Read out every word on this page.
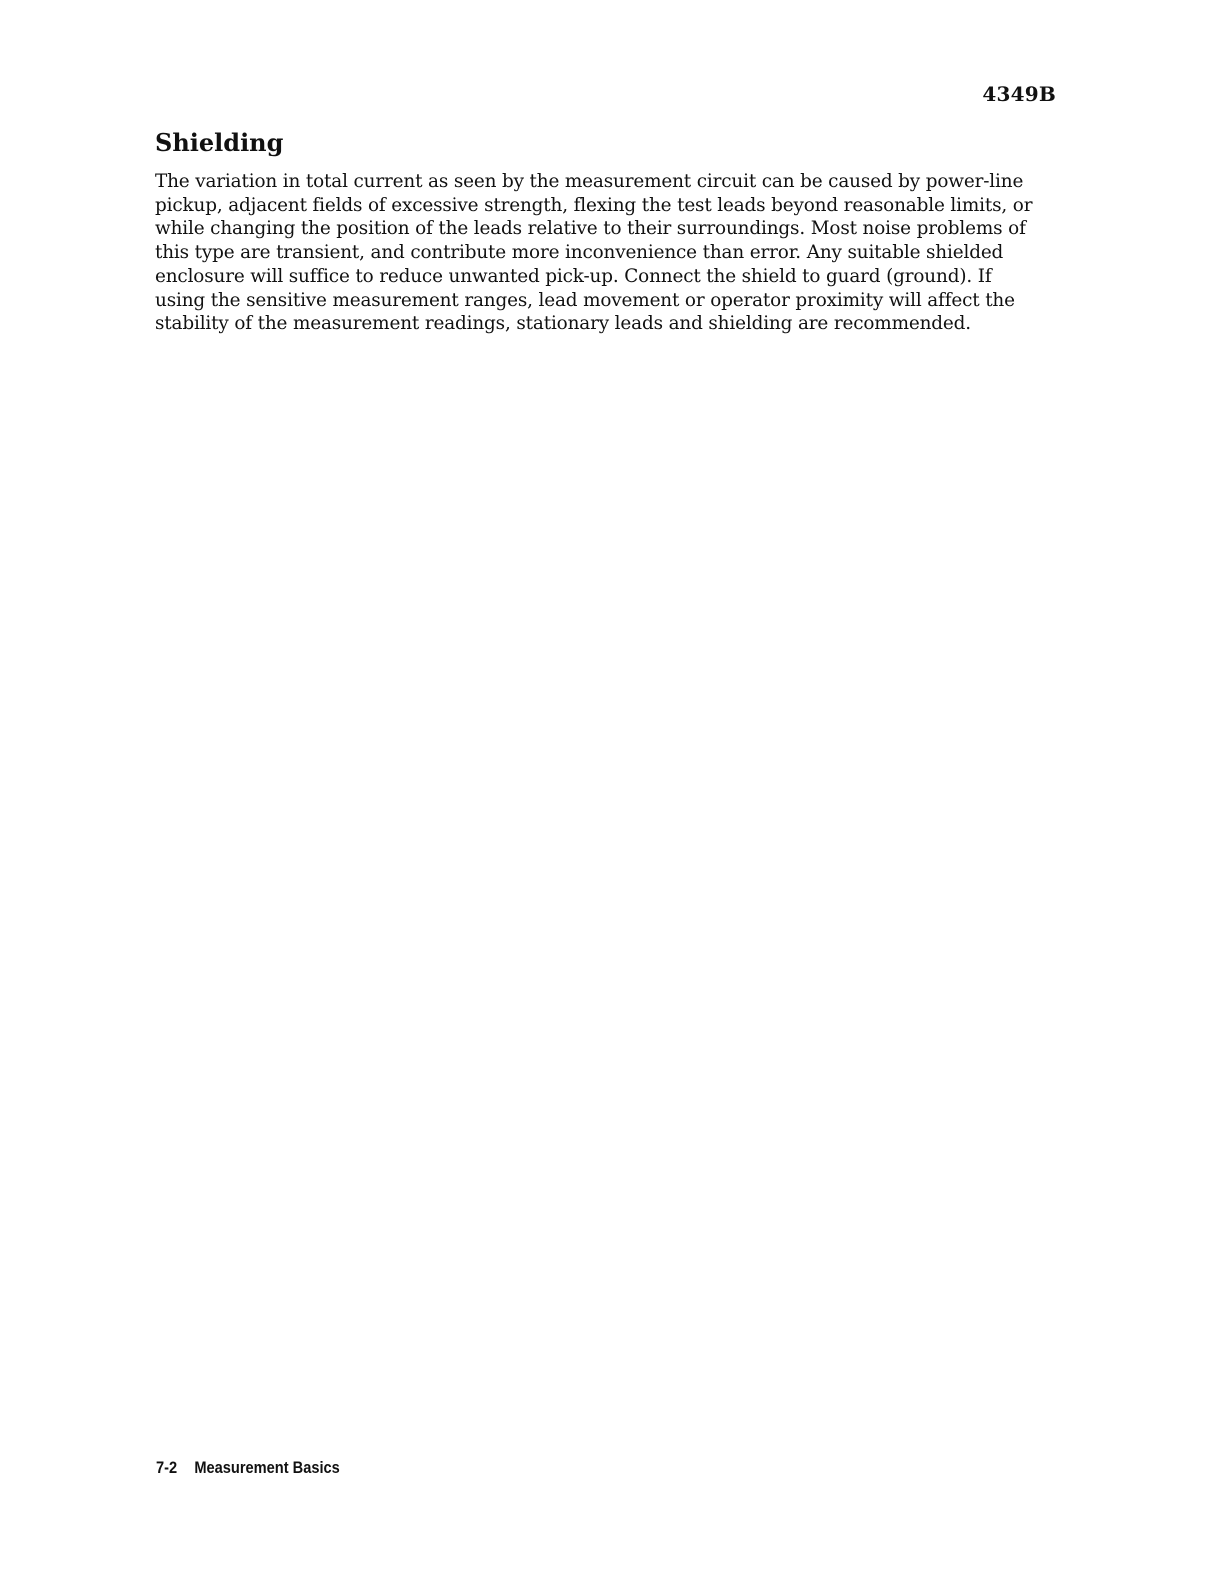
4349B
Shielding
The variation in total current as seen by the measurement circuit can be caused by power-line
pickup, adjacent fields of excessive strength, flexing the test leads beyond reasonable limits, or
while changing the position of the leads relative to their surroundings. Most noise problems of
this type are transient, and contribute more inconvenience than error. Any suitable shielded
enclosure will suffice to reduce unwanted pick-up. Connect the shield to guard (ground). If
using the sensitive measurement ranges, lead movement or operator proximity will affect the
stability of the measurement readings, stationary leads and shielding are recommended.
7-2 Measurement Basics
